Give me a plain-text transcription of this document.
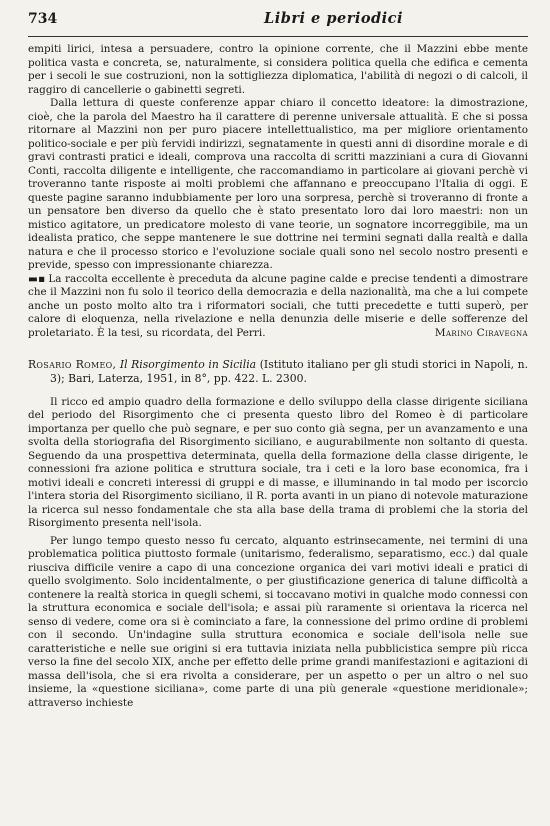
734	Libri e periodici

empiti lirici, intesa a persuadere, contro la opinione corrente, che il Mazzini ebbe mente politica vasta e concreta, se, naturalmente, si considera politica quella che edifica e cementa per i secoli le sue costruzioni, non la sottigliezza diplomatica, l'abilità di negozi o di calcoli, il raggiro di cancellerie o gabinetti segreti.

Dalla lettura di queste conferenze appar chiaro il concetto ideatore: la dimostrazione, cioè, che la parola del Maestro ha il carattere di perenne universale attualità. E che si possa ritornare al Mazzini non per puro piacere intellettualistico, ma per migliore orientamento politico-sociale e per più fervidi indirizzi, segnatamente in questi anni di disordine morale e di gravi contrasti pratici e ideali, comprova una raccolta di scritti mazziniani a cura di Giovanni Conti, raccolta diligente e intelligente, che raccomandiamo in particolare ai giovani perchè vi troveranno tante risposte ai molti problemi che affannano e preoccupano l'Italia di oggi. E queste pagine saranno indubbiamente per loro una sorpresa, perchè si troveranno di fronte a un pensatore ben diverso da quello che è stato presentato loro dai loro maestri: non un mistico agitatore, un predicatore molesto di vane teorie, un sognatore incorreggibile, ma un idealista pratico, che seppe mantenere le sue dottrine nei termini segnati dalla realtà e dalla natura e che il processo storico e l'evoluzione sociale quali sono nel secolo nostro presenti e previde, spesso con impressionante chiarezza.

▬▪ La raccolta eccellente è preceduta da alcune pagine calde e precise tendenti a dimostrare che il Mazzini non fu solo il teorico della democrazia e della nazionalità, ma che a lui compete anche un posto molto alto tra i riformatori sociali, che tutti precedette e tutti superò, per calore di eloquenza, nella rivelazione e nella denunzia delle miserie e delle sofferenze del proletariato. È la tesi, su ricordata, del Perri.	Marino Ciravegna
Rosario Romeo, Il Risorgimento in Sicilia (Istituto italiano per gli studi storici in Napoli, n. 3); Bari, Laterza, 1951, in 8°, pp. 422. L. 2300.

Il ricco ed ampio quadro della formazione e dello sviluppo della classe dirigente siciliana del periodo del Risorgimento che ci presenta questo libro del Romeo è di particolare importanza per quello che può segnare, e per suo conto già segna, per un avanzamento e una svolta della storiografia del Risorgimento siciliano, e augurabilmente non soltanto di questa. Seguendo da una prospettiva determinata, quella della formazione della classe dirigente, le connessioni fra azione politica e struttura sociale, tra i ceti e la loro base economica, fra i motivi ideali e concreti interessi di gruppi e di masse, e illuminando in tal modo per iscorcio l'intera storia del Risorgimento siciliano, il R. porta avanti in un piano di notevole maturazione la ricerca sul nesso fondamentale che sta alla base della trama di problemi che la storia del Risorgimento presenta nell'isola.

Per lungo tempo questo nesso fu cercato, alquanto estrinsecamente, nei termini di una problematica politica piuttosto formale (unitarismo, federalismo, separatismo, ecc.) dal quale riusciva difficile venire a capo di una concezione organica dei vari motivi ideali e pratici di quello svolgimento. Solo incidentalmente, o per giustificazione generica di talune difficoltà a contenere la realtà storica in quegli schemi, si toccavano motivi in qualche modo connessi con la struttura economica e sociale dell'isola; e assai più raramente si orientava la ricerca nel senso di vedere, come ora si è cominciato a fare, la connessione del primo ordine di problemi con il secondo. Un'indagine sulla struttura economica e sociale dell'isola nelle sue caratteristiche e nelle sue origini si era tuttavia iniziata nella pubblicistica sempre più ricca verso la fine del secolo XIX, anche per effetto delle prime grandi manifestazioni e agitazioni di massa dell'isola, che si era rivolta a considerare, per un aspetto o per un altro o nel suo insieme, la «questione siciliana», come parte di una più generale «questione meridionale»; attraverso inchieste
